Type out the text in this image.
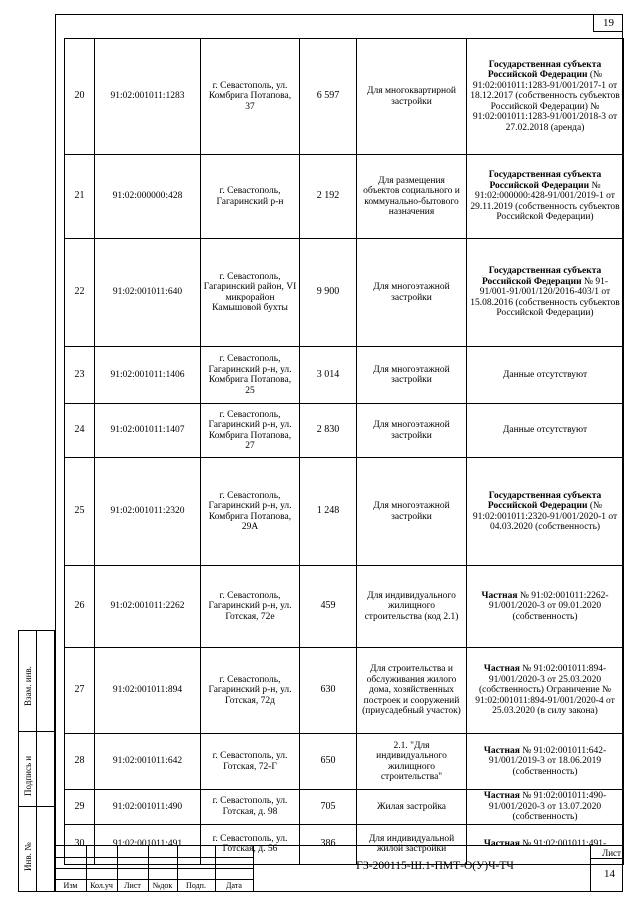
19
20	91:02:001011:1283	г. Севастополь, ул. Комбрига Потапова, 37	6 597	Для многоквартирной застройки	Государственная субъекта Российской Федерации (№ 91:02:001011:1283-91/001/2017-1 от 18.12.2017 (собственность субъектов Российской Федерации) № 91:02:001011:1283-91/001/2018-3 от 27.02.2018 (аренда)
21	91:02:000000:428	г. Севастополь, Гагаринский р-н	2 192	Для размещения объектов социального и коммунально-бытового назначения	Государственная субъекта Российской Федерации № 91:02:000000:428-91/001/2019-1 от 29.11.2019 (собственность субъектов Российской Федерации)
22	91:02:001011:640	г. Севастополь, Гагаринский район, VI микрорайон Камышовой бухты	9 900	Для многоэтажной застройки	Государственная субъекта Российской Федерации № 91-91/001-91/001/120/2016-403/1 от 15.08.2016 (собственность субъектов Российской Федерации)
23	91:02:001011:1406	г. Севастополь, Гагаринский р-н, ул. Комбрига Потапова, 25	3 014	Для многоэтажной застройки	Данные отсутствуют
24	91:02:001011:1407	г. Севастополь, Гагаринский р-н, ул. Комбрига Потапова, 27	2 830	Для многоэтажной застройки	Данные отсутствуют
25	91:02:001011:2320	г. Севастополь, Гагаринский р-н, ул. Комбрига Потапова, 29А	1 248	Для многоэтажной застройки	Государственная субъекта Российской Федерации (№ 91:02:001011:2320-91/001/2020-1 от 04.03.2020 (собственность)
26	91:02:001011:2262	г. Севастополь, Гагаринский р-н, ул. Готская, 72е	459	Для индивидуального жилищного строительства (код 2.1)	Частная № 91:02:001011:2262-91/001/2020-3 от 09.01.2020 (собственность)
27	91:02:001011:894	г. Севастополь, Гагаринский р-н, ул. Готская, 72д	630	Для строительства и обслуживания жилого дома, хозяйственных построек и сооружений (приусадебный участок)	Частная № 91:02:001011:894-91/001/2020-3 от 25.03.2020 (собственность) Ограничение № 91:02:001011:894-91/001/2020-4 от 25.03.2020 (в силу закона)
28	91:02:001011:642	г. Севастополь, ул. Готская, 72-Г	650	2.1. "Для индивидуального жилищного строительства"	Частная № 91:02:001011:642-91/001/2019-3 от 18.06.2019 (собственность)
29	91:02:001011:490	г. Севастополь, ул. Готская, д. 98	705	Жилая застройка	Частная № 91:02:001011:490-91/001/2020-3 от 13.07.2020 (собственность)
30	91:02:001011:491	г. Севастополь, ул. Готская, д. 56	386	Для индивидуальной жилой застройки	Частная № 91:02:001011:491-
Взам. инв.
Подпись и
Инв. №
Изм	Кол.уч	Лист	№док	Подп.	Дата
ГЗ-200115-Ш.1-ПМТ-О(У)Ч-ТЧ
Лист
14
